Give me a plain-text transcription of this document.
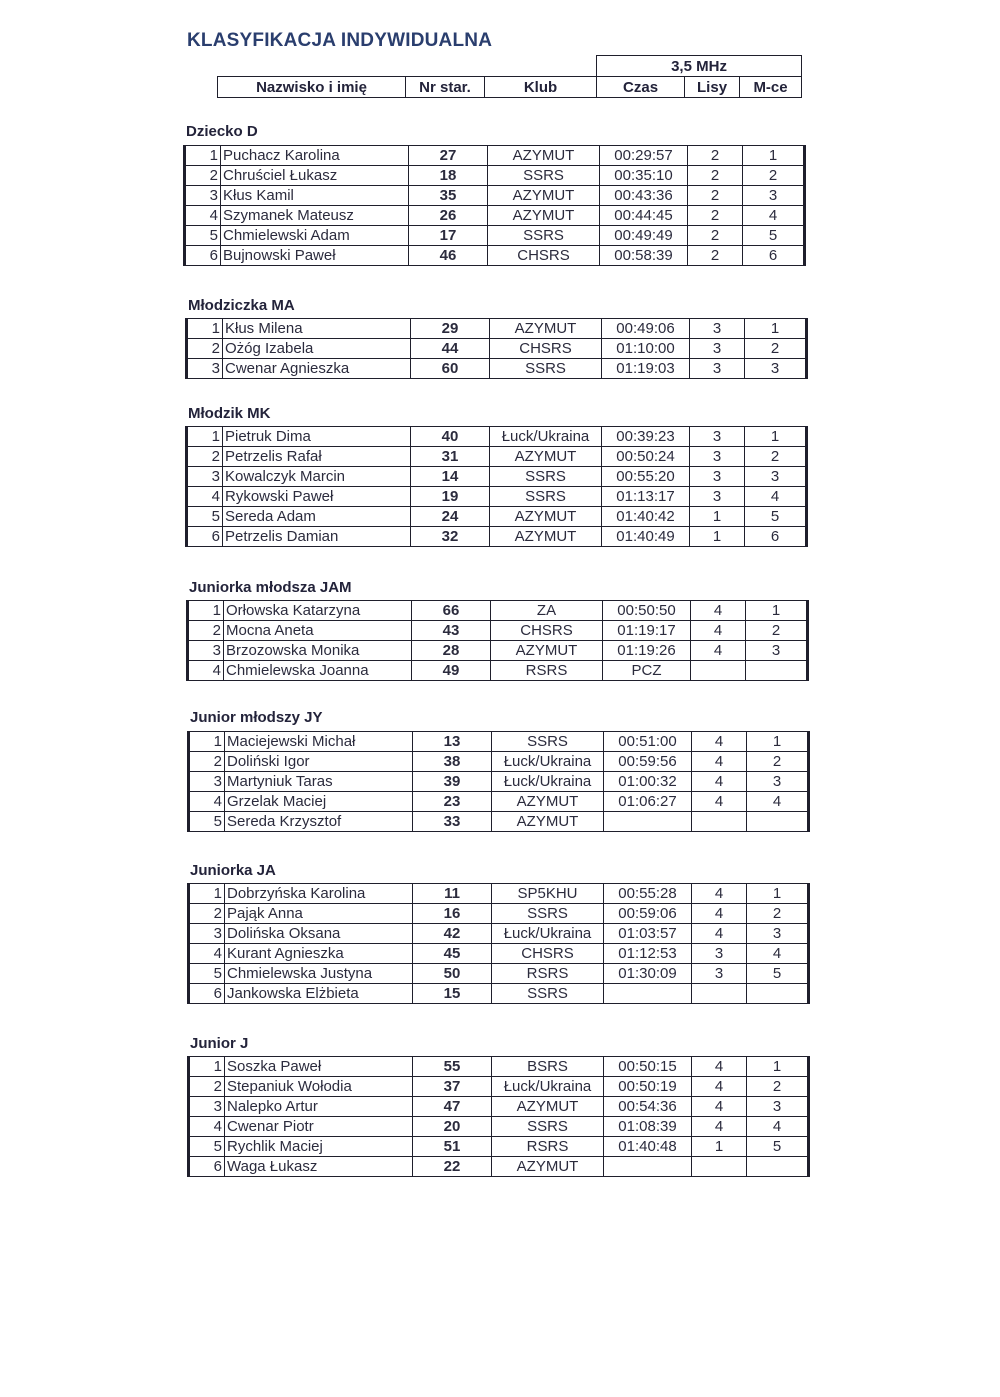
KLASYFIKACJA INDYWIDUALNA
			3,5 MHz		
Nazwisko i imię	Nr star.	Klub	Czas	Lisy	M-ce
Dziecko D
1	Puchacz Karolina	27	AZYMUT	00:29:57	2	1
2	Chruściel Łukasz	18	SSRS	00:35:10	2	2
3	Kłus Kamil	35	AZYMUT	00:43:36	2	3
4	Szymanek Mateusz	26	AZYMUT	00:44:45	2	4
5	Chmielewski Adam	17	SSRS	00:49:49	2	5
6	Bujnowski Paweł	46	CHSRS	00:58:39	2	6
Młodziczka MA
1	Kłus Milena	29	AZYMUT	00:49:06	3	1
2	Ożóg Izabela	44	CHSRS	01:10:00	3	2
3	Cwenar Agnieszka	60	SSRS	01:19:03	3	3
Młodzik MK
1	Pietruk Dima	40	Łuck/Ukraina	00:39:23	3	1
2	Petrzelis Rafał	31	AZYMUT	00:50:24	3	2
3	Kowalczyk Marcin	14	SSRS	00:55:20	3	3
4	Rykowski Paweł	19	SSRS	01:13:17	3	4
5	Sereda Adam	24	AZYMUT	01:40:42	1	5
6	Petrzelis Damian	32	AZYMUT	01:40:49	1	6
Juniorka młodsza JAM
1	Orłowska Katarzyna	66	ZA	00:50:50	4	1
2	Mocna Aneta	43	CHSRS	01:19:17	4	2
3	Brzozowska Monika	28	AZYMUT	01:19:26	4	3
4	Chmielewska Joanna	49	RSRS	PCZ		
Junior młodszy JY
1	Maciejewski Michał	13	SSRS	00:51:00	4	1
2	Doliński Igor	38	Łuck/Ukraina	00:59:56	4	2
3	Martyniuk Taras	39	Łuck/Ukraina	01:00:32	4	3
4	Grzelak Maciej	23	AZYMUT	01:06:27	4	4
5	Sereda Krzysztof	33	AZYMUT			
Juniorka JA
1	Dobrzyńska Karolina	11	SP5KHU	00:55:28	4	1
2	Pająk Anna	16	SSRS	00:59:06	4	2
3	Dolińska Oksana	42	Łuck/Ukraina	01:03:57	4	3
4	Kurant Agnieszka	45	CHSRS	01:12:53	3	4
5	Chmielewska Justyna	50	RSRS	01:30:09	3	5
6	Jankowska Elżbieta	15	SSRS			
Junior J
1	Soszka Paweł	55	BSRS	00:50:15	4	1
2	Stepaniuk Wołodia	37	Łuck/Ukraina	00:50:19	4	2
3	Nalepko Artur	47	AZYMUT	00:54:36	4	3
4	Cwenar Piotr	20	SSRS	01:08:39	4	4
5	Rychlik Maciej	51	RSRS	01:40:48	1	5
6	Waga Łukasz	22	AZYMUT			
